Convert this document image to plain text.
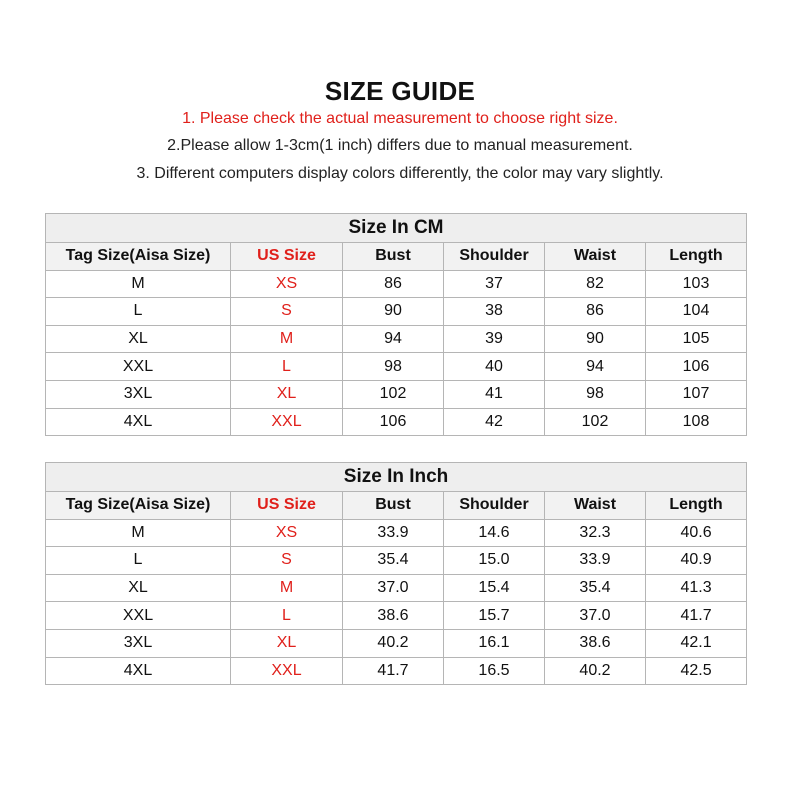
SIZE GUIDE
1. Please check the actual measurement to choose right size.
2.Please allow 1-3cm(1 inch) differs due to manual measurement.
3. Different computers display colors differently, the color may vary slightly.
Size In CM					
Tag Size(Aisa Size)	US Size	Bust	Shoulder	Waist	Length
M	XS	86	37	82	103
L	S	90	38	86	104
XL	M	94	39	90	105
XXL	L	98	40	94	106
3XL	XL	102	41	98	107
4XL	XXL	106	42	102	108
Size In Inch					
Tag Size(Aisa Size)	US Size	Bust	Shoulder	Waist	Length
M	XS	33.9	14.6	32.3	40.6
L	S	35.4	15.0	33.9	40.9
XL	M	37.0	15.4	35.4	41.3
XXL	L	38.6	15.7	37.0	41.7
3XL	XL	40.2	16.1	38.6	42.1
4XL	XXL	41.7	16.5	40.2	42.5
